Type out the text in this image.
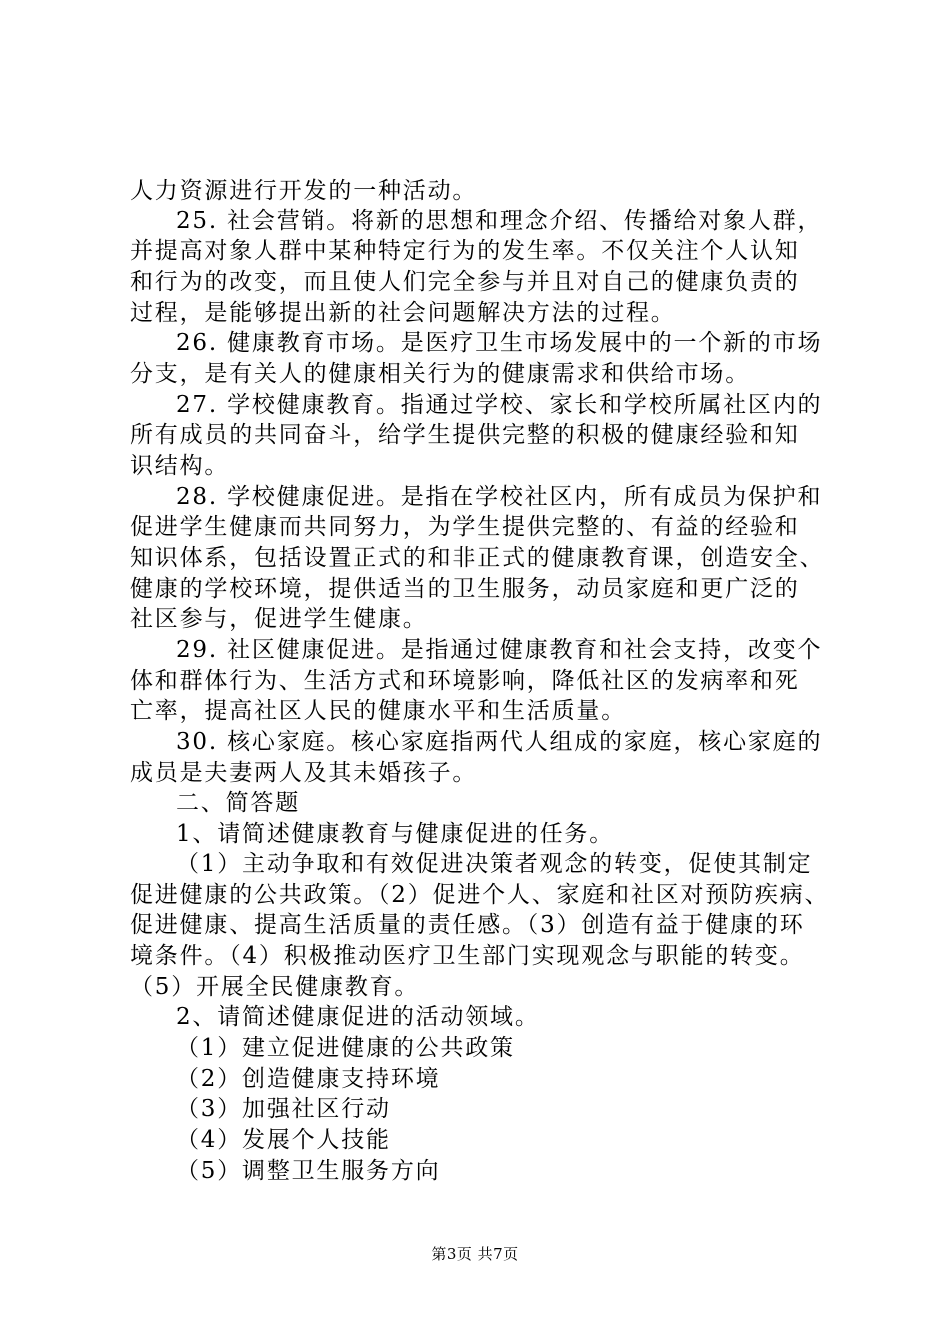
人力资源进行开发的一种活动。
25. 社会营销。将新的思想和理念介绍、传播给对象人群，
并提高对象人群中某种特定行为的发生率。不仅关注个人认知
和行为的改变，而且使人们完全参与并且对自己的健康负责的
过程，是能够提出新的社会问题解决方法的过程。
26. 健康教育市场。是医疗卫生市场发展中的一个新的市场
分支，是有关人的健康相关行为的健康需求和供给市场。
27. 学校健康教育。指通过学校、家长和学校所属社区内的
所有成员的共同奋斗，给学生提供完整的积极的健康经验和知
识结构。
28. 学校健康促进。是指在学校社区内，所有成员为保护和
促进学生健康而共同努力，为学生提供完整的、有益的经验和
知识体系，包括设置正式的和非正式的健康教育课，创造安全、
健康的学校环境，提供适当的卫生服务，动员家庭和更广泛的
社区参与，促进学生健康。
29. 社区健康促进。是指通过健康教育和社会支持，改变个
体和群体行为、生活方式和环境影响，降低社区的发病率和死
亡率，提高社区人民的健康水平和生活质量。
30. 核心家庭。核心家庭指两代人组成的家庭，核心家庭的
成员是夫妻两人及其未婚孩子。
二、简答题
1、请简述健康教育与健康促进的任务。
（1）主动争取和有效促进决策者观念的转变，促使其制定
促进健康的公共政策。（2）促进个人、家庭和社区对预防疾病、
促进健康、提高生活质量的责任感。（3）创造有益于健康的环
境条件。（4）积极推动医疗卫生部门实现观念与职能的转变。
（5）开展全民健康教育。
2、请简述健康促进的活动领域。
（1）建立促进健康的公共政策
（2）创造健康支持环境
（3）加强社区行动
（4）发展个人技能
（5）调整卫生服务方向
第3页 共7页
